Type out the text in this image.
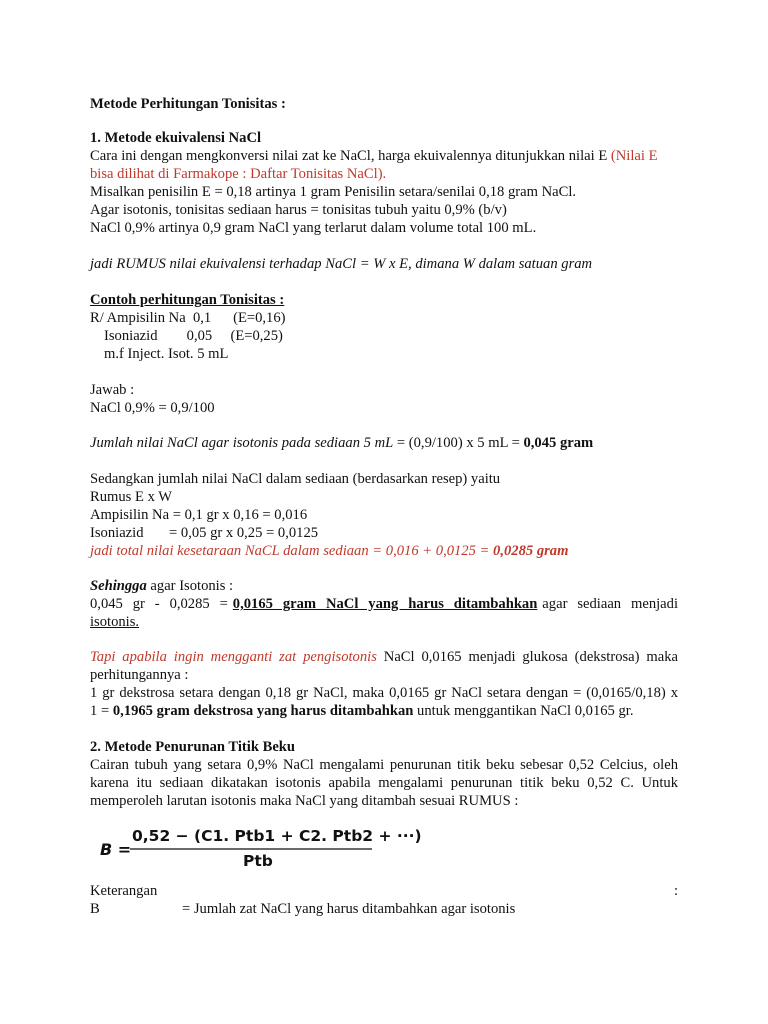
Metode Perhitungan Tonisitas :
1. Metode ekuivalensi NaCl
Cara ini dengan mengkonversi nilai zat ke NaCl, harga ekuivalennya ditunjukkan nilai E (Nilai E
bisa dilihat di Farmakope : Daftar Tonisitas NaCl).
Misalkan penisilin E = 0,18 artinya 1 gram Penisilin setara/senilai 0,18 gram NaCl.
Agar isotonis, tonisitas sediaan harus = tonisitas tubuh yaitu 0,9% (b/v)
NaCl 0,9% artinya 0,9 gram NaCl yang terlarut dalam volume total 100 mL.
jadi RUMUS nilai ekuivalensi terhadap NaCl = W x E, dimana W dalam satuan gram
Contoh perhitungan Tonisitas :
R/ Ampisilin Na  0,1      (E=0,16)
Isoniazid        0,05     (E=0,25)
m.f Inject. Isot. 5 mL
Jawab :
NaCl 0,9% = 0,9/100
Jumlah nilai NaCl agar isotonis pada sediaan 5 mL = (0,9/100) x 5 mL = 0,045 gram
Sedangkan jumlah nilai NaCl dalam sediaan (berdasarkan resep) yaitu
Rumus E x W
Ampisilin Na = 0,1 gr x 0,16 = 0,016
Isoniazid       = 0,05 gr x 0,25 = 0,0125
jadi total nilai kesetaraan NaCL dalam sediaan = 0,016 + 0,0125 = 0,0285 gram
Sehingga agar Isotonis :
0,045  gr  -  0,0285  = 0,0165  gram  NaCl  yang  harus  ditambahkan agar  sediaan  menjadi
isotonis.
Tapi apabila ingin mengganti zat pengisotonis NaCl 0,0165 menjadi glukosa (dekstrosa) maka
perhitungannya :
1 gr dekstrosa setara dengan 0,18 gr NaCl, maka 0,0165 gr NaCl setara dengan = (0,0165/0,18) x
1 = 0,1965 gram dekstrosa yang harus ditambahkan untuk menggantikan NaCl 0,0165 gr.
2. Metode Penurunan Titik Beku
Cairan tubuh yang setara 0,9% NaCl mengalami penurunan titik beku sebesar 0,52 Celcius, oleh
karena itu sediaan dikatakan isotonis apabila mengalami penurunan titik beku 0,52 C. Untuk
memperoleh larutan isotonis maka NaCl yang ditambah sesuai RUMUS :
B =
0,52 − (C1. Ptb1 + C2. Ptb2 + ···)
Ptb
Keterangan	:
B	= Jumlah zat NaCl yang harus ditambahkan agar isotonis
